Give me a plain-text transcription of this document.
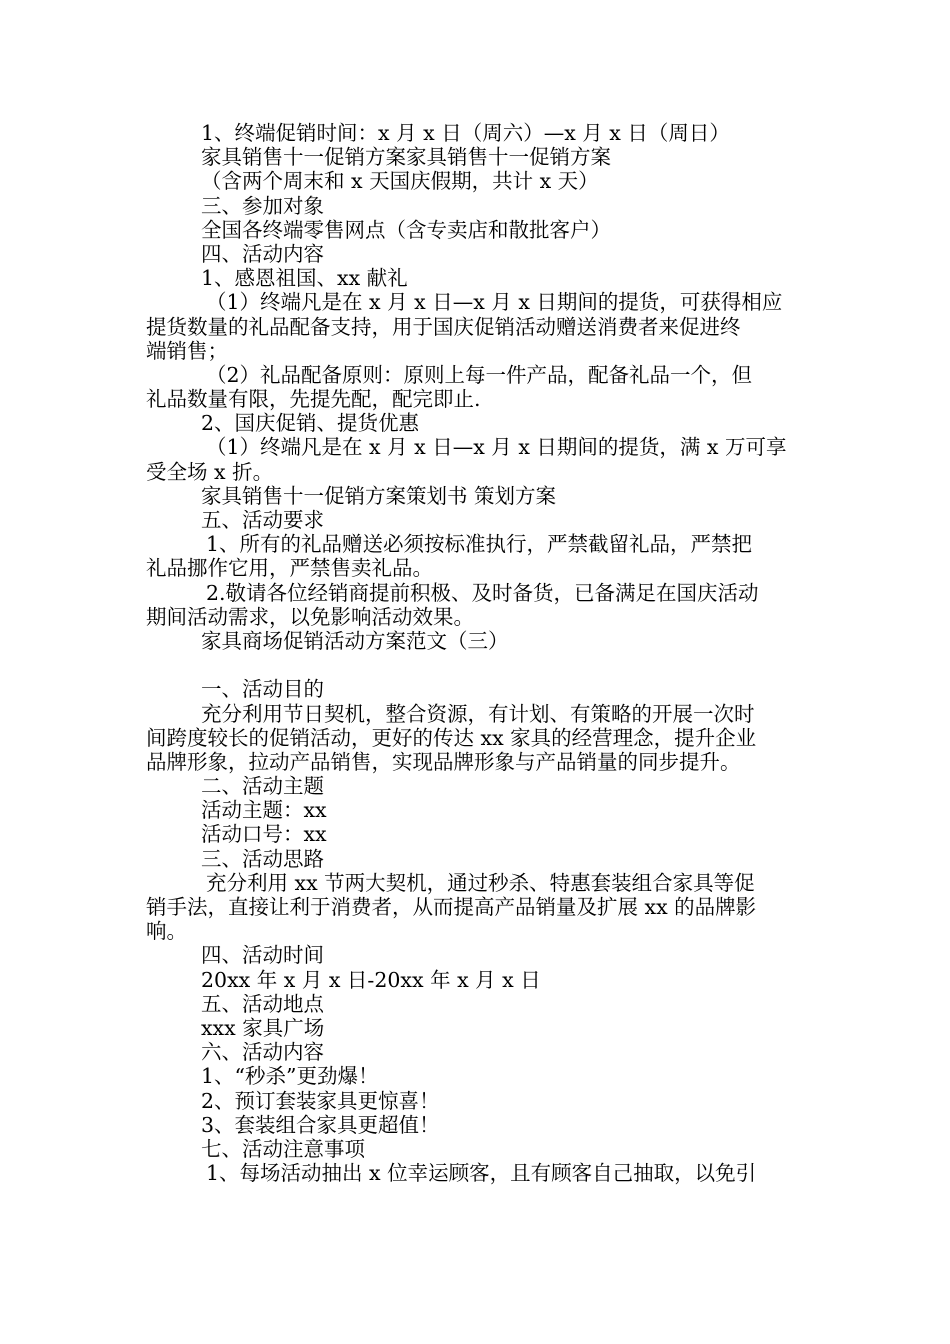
1、终端促销时间：x 月 x 日（周六）—x 月 x 日（周日）
家具销售十一促销方案家具销售十一促销方案
（含两个周末和 x 天国庆假期，共计 x 天）
三、参加对象
全国各终端零售网点（含专卖店和散批客户）
四、活动内容
1、感恩祖国、xx 献礼
（1）终端凡是在 x 月 x 日—x 月 x 日期间的提货，可获得相应
提货数量的礼品配备支持，用于国庆促销活动赠送消费者来促进终
端销售；
（2）礼品配备原则：原则上每一件产品，配备礼品一个，但
礼品数量有限，先提先配，配完即止.
2、国庆促销、提货优惠
（1）终端凡是在 x 月 x 日—x 月 x 日期间的提货，满 x 万可享
受全场 x 折。
家具销售十一促销方案策划书 策划方案
五、活动要求
1、所有的礼品赠送必须按标准执行，严禁截留礼品，严禁把
礼品挪作它用，严禁售卖礼品。
2.敬请各位经销商提前积极、及时备货，已备满足在国庆活动
期间活动需求，以免影响活动效果。
家具商场促销活动方案范文（三）
一、活动目的
充分利用节日契机，整合资源，有计划、有策略的开展一次时
间跨度较长的促销活动，更好的传达 xx 家具的经营理念，提升企业
品牌形象，拉动产品销售，实现品牌形象与产品销量的同步提升。
二、活动主题
活动主题：xx
活动口号：xx
三、活动思路
充分利用 xx 节两大契机，通过秒杀、特惠套装组合家具等促
销手法，直接让利于消费者，从而提高产品销量及扩展 xx 的品牌影
响。
四、活动时间
20xx 年 x 月 x 日-20xx 年 x 月 x 日
五、活动地点
xxx 家具广场
六、活动内容
1、“秒杀”更劲爆！
2、预订套装家具更惊喜！
3、套装组合家具更超值！
七、活动注意事项
1、每场活动抽出 x 位幸运顾客，且有顾客自己抽取，以免引
